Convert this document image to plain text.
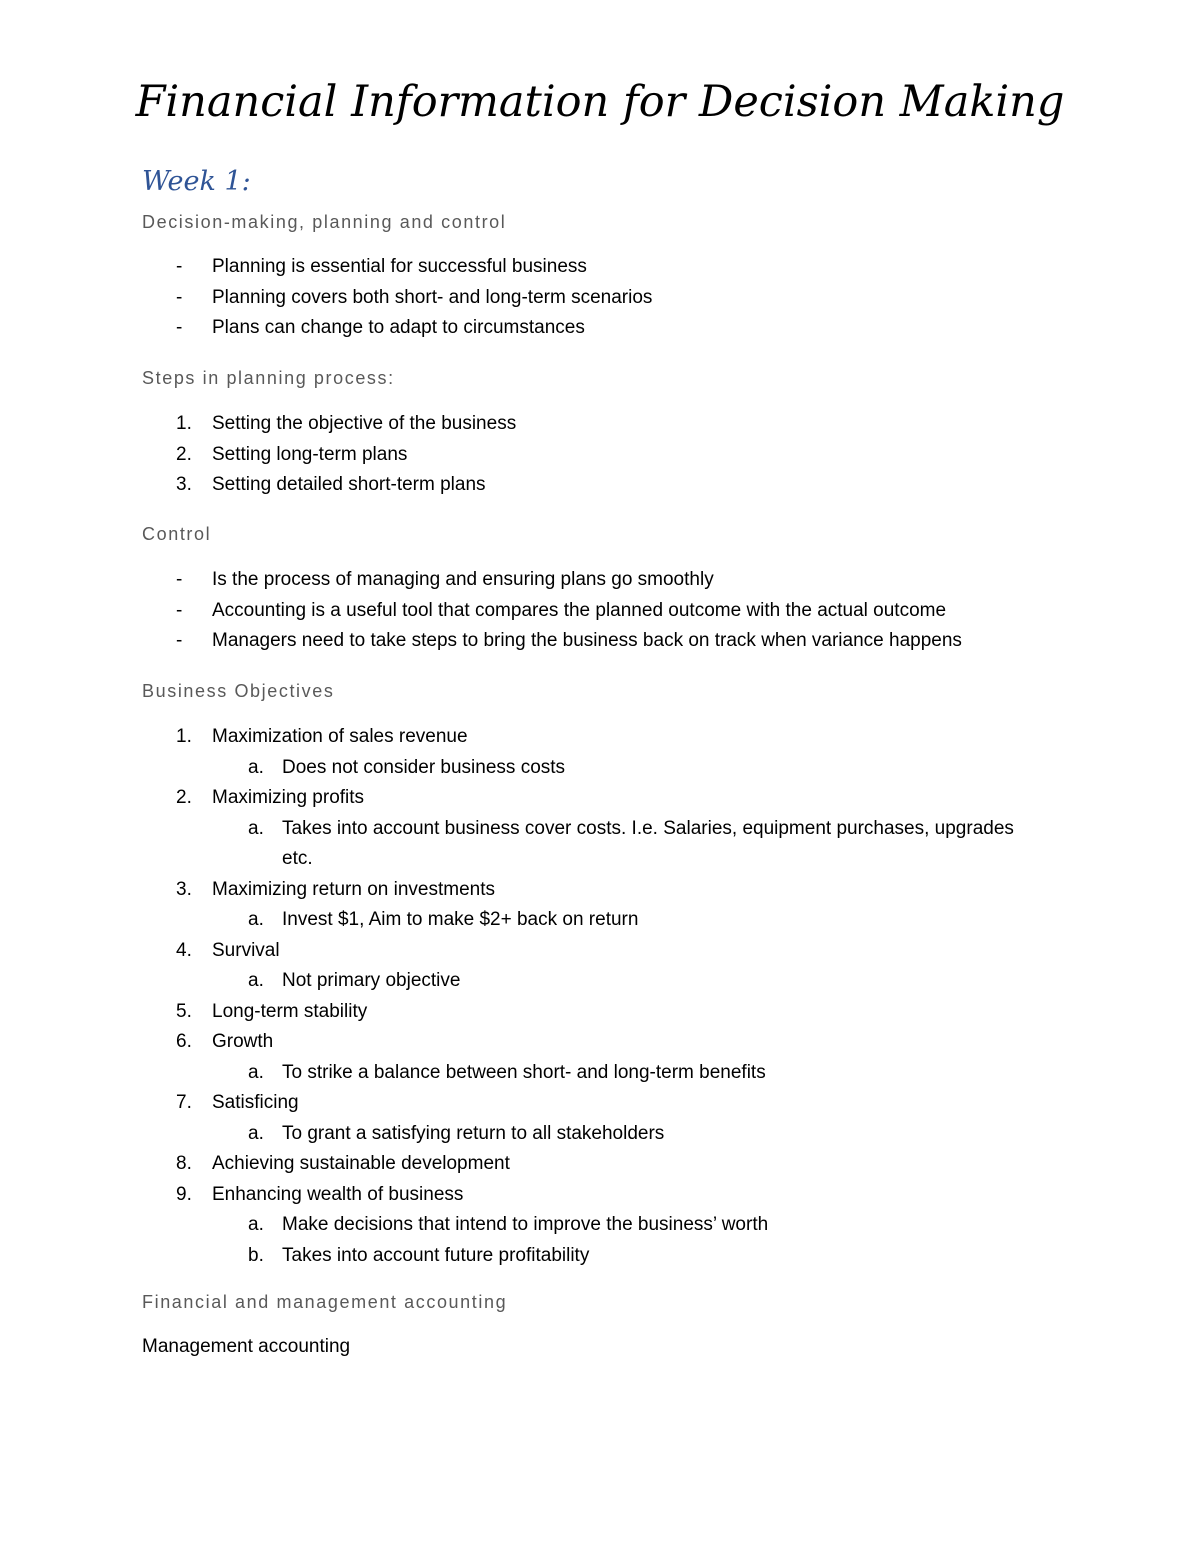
Financial Information for Decision Making
Week 1:
Decision-making, planning and control
- Planning is essential for successful business
- Planning covers both short- and long-term scenarios
- Plans can change to adapt to circumstances
Steps in planning process:
1. Setting the objective of the business
2. Setting long-term plans
3. Setting detailed short-term plans
Control
- Is the process of managing and ensuring plans go smoothly
- Accounting is a useful tool that compares the planned outcome with the actual outcome
- Managers need to take steps to bring the business back on track when variance happens
Business Objectives
1. Maximization of sales revenue
a. Does not consider business costs
2. Maximizing profits
a. Takes into account business cover costs. I.e. Salaries, equipment purchases, upgrades etc.
3. Maximizing return on investments
a. Invest $1, Aim to make $2+ back on return
4. Survival
a. Not primary objective
5. Long-term stability
6. Growth
a. To strike a balance between short- and long-term benefits
7. Satisficing
a. To grant a satisfying return to all stakeholders
8. Achieving sustainable development
9. Enhancing wealth of business
a. Make decisions that intend to improve the business’ worth
b. Takes into account future profitability
Financial and management accounting
Management accounting
